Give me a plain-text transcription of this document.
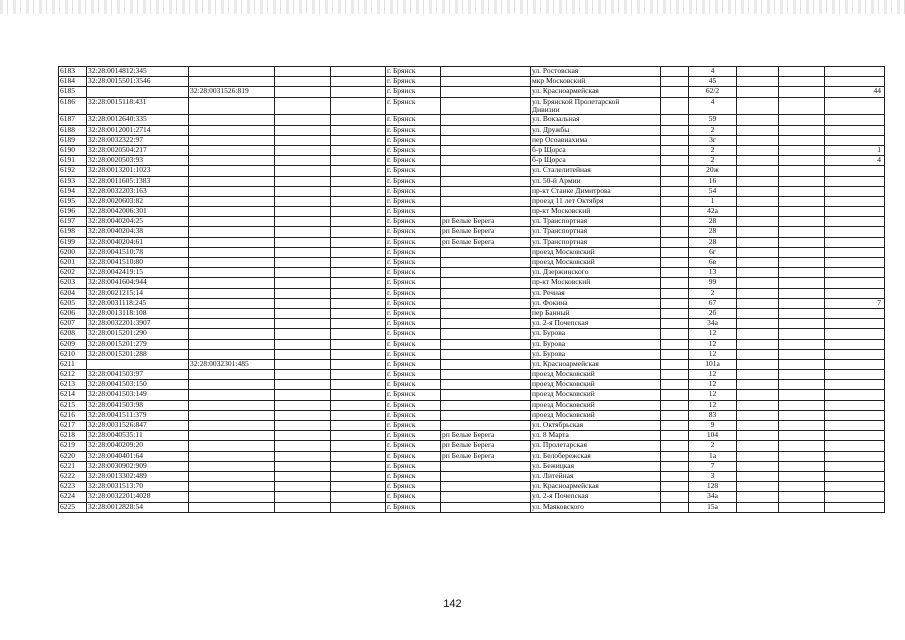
6183	32:28:0014812:345				г. Брянск		ул. Ростовская		4			
6184	32:28:0015501:3546				г. Брянск		мкр Московский		45			
6185		32:28:0031526:819			г. Брянск		ул. Красноармейская		62/2			44
6186	32:28:0015118:431				г. Брянск		ул. Брянской Пролетарской
Дивизии		4			
6187	32:28:0012640:335				г. Брянск		ул. Вокзальная		59			
6188	32:28:0012001:2714				г. Брянск		ул. Дружбы		2			
6189	32:28:0032322:97				г. Брянск		пер Осоавиахима		3г			
6190	32:28:0020504:217				г. Брянск		б-р Щорса		2			1
6191	32:28:0020503:93				г. Брянск		б-р Щорса		2			4
6192	32:28:0013201:1023				г. Брянск		ул. Сталелитейная		20ж			
6193	32:28:0011605:1383				г. Брянск		ул. 50-й Армии		16			
6194	32:28:0032203:163				г. Брянск		пр-кт Станке Димитрова		54			
6195	32:28:0020603:82				г. Брянск		проезд 11 лет Октября		1			
6196	32:28:0042006:301				г. Брянск		пр-кт Московский		42а			
6197	32:28:0040204:25				г. Брянск	рп Белые Берега	ул. Транспортная		28			
6198	32:28:0040204:38				г. Брянск	рп Белые Берега	ул. Транспортная		28			
6199	32:28:0040204:61				г. Брянск	рп Белые Берега	ул. Транспортная		28			
6200	32:28:0041510:78				г. Брянск		проезд Московский		6г			
6201	32:28:0041510:80				г. Брянск		проезд Московский		6в			
6202	32:28:0042419:15				г. Брянск		ул. Дзержинского		13			
6203	32:28:0041604:944				г. Брянск		пр-кт Московский		99			
6204	32:28:0021215:14				г. Брянск		ул. Речная		2			
6205	32:28:0031118:245				г. Брянск		ул. Фокина		67			7
6206	32:28:0013118:108				г. Брянск		пер Банный		2б			
6207	32:28:0032201:3907				г. Брянск		ул. 2-я Почепская		34а			
6208	32:28:0015201:290				г. Брянск		ул. Бурова		12			
6209	32:28:0015201:279				г. Брянск		ул. Бурова		12			
6210	32:28:0015201:288				г. Брянск		ул. Бурова		12			
6211		32:28:0032301:485			г. Брянск		ул. Красноармейская		101а			
6212	32:28:0041503:97				г. Брянск		проезд Московский		12			
6213	32:28:0041503:150				г. Брянск		проезд Московский		12			
6214	32:28:0041503:149				г. Брянск		проезд Московский		12			
6215	32:28:0041503:98				г. Брянск		проезд Московский		12			
6216	32:28:0041511:379				г. Брянск		проезд Московский		83			
6217	32:28:0031526:847				г. Брянск		ул. Октябрьская		9			
6218	32:28:0040535:11				г. Брянск	рп Белые Берега	ул. 8 Марта		104			
6219	32:28:0040209:20				г. Брянск	рп Белые Берега	ул. Пролетарская		2			
6220	32:28:0040401:64				г. Брянск	рп Белые Берега	ул. Белобережская		1а			
6221	32:28:0030902:909				г. Брянск		ул. Бежицкая		7			
6222	32:28:0013302:489				г. Брянск		ул. Литейная		3			
6223	32:28:0031513:70				г. Брянск		ул. Красноармейская		128			
6224	32:28:0032201:4028				г. Брянск		ул. 2-я Почепская		34а			
6225	32:28:0012828:54				г. Брянск		ул. Маяковского		15а			
142
